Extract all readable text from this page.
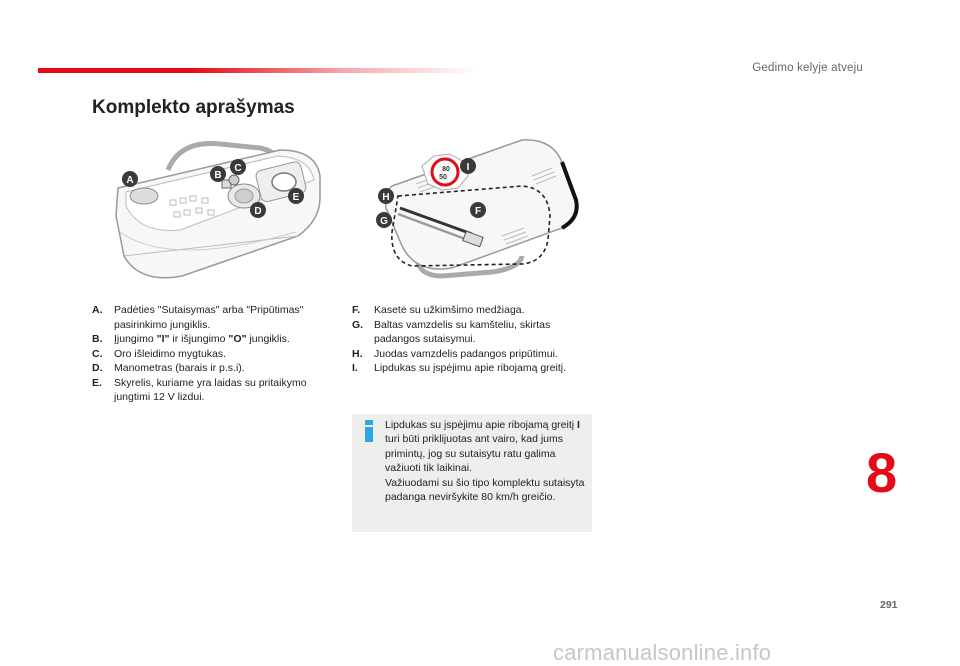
Gedimo kelyje atveju
Komplekto aprašymas
A	B
C
D
E
80
50
I
H
F
G
A.	Padėties "Sutaisymas" arba "Pripūtimas" pasirinkimo jungiklis.
B.	Įjungimo "I" ir išjungimo "O" jungiklis.
C.	Oro išleidimo mygtukas.
D.	Manometras (barais ir p.s.i).
E.	Skyrelis, kuriame yra laidas su pritaikymo jungtimi 12 V lizdui.
F.	Kasetė su užkimšimo medžiaga.
G.	Baltas vamzdelis su kamšteliu, skirtas padangos sutaisymui.
H.	Juodas vamzdelis padangos pripūtimui.
I.	Lipdukas su įspėjimu apie ribojamą greitį.
Lipdukas su įspėjimu apie ribojamą greitį I turi būti priklijuotas ant vairo, kad jums primintų, jog su sutaisytu ratu galima važiuoti tik laikinai.
Važiuodami su šio tipo komplektu sutaisyta padanga neviršykite 80 km/h greičio.	8
291
carmanualsonline.info
